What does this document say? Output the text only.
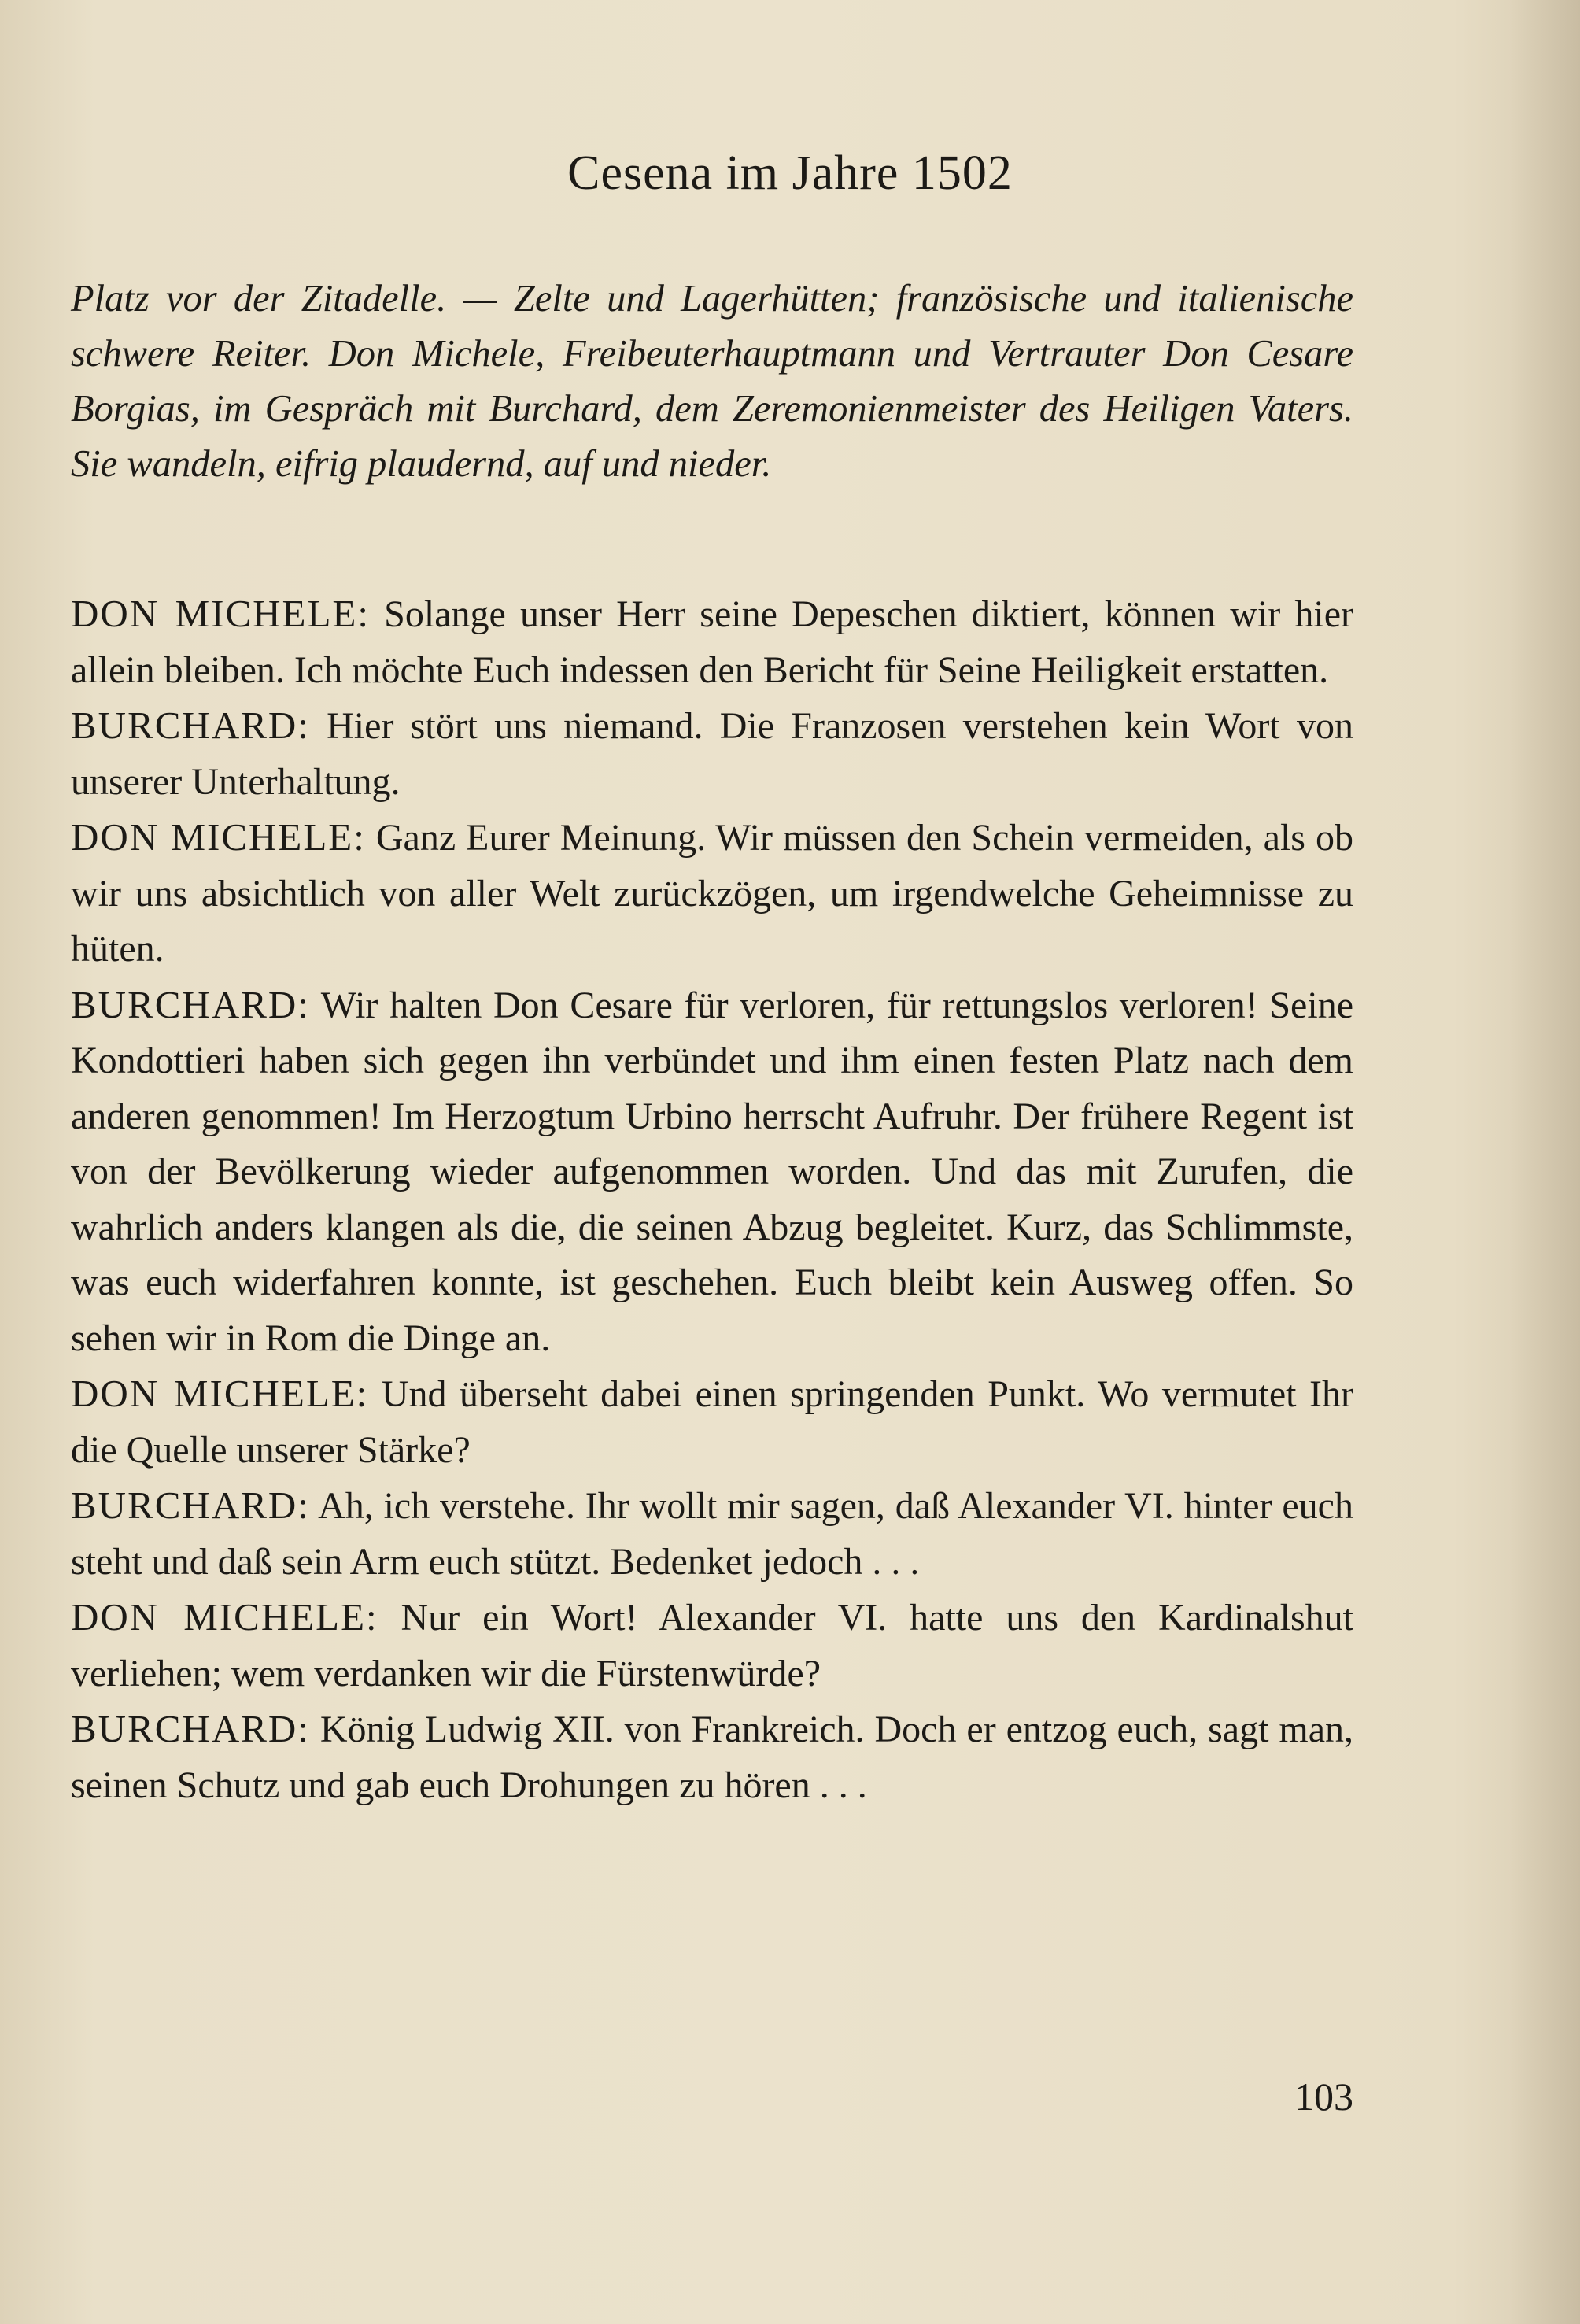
Cesena im Jahre 1502

Platz vor der Zitadelle. — Zelte und Lagerhütten; französische und italienische schwere Reiter. Don Michele, Freibeuterhauptmann und Vertrauter Don Cesare Borgias, im Gespräch mit Burchard, dem Zeremonienmeister des Heiligen Vaters. Sie wandeln, eifrig plaudernd, auf und nieder.

DON MICHELE: Solange unser Herr seine Depeschen diktiert, können wir hier allein bleiben. Ich möchte Euch indessen den Bericht für Seine Heiligkeit erstatten.

BURCHARD: Hier stört uns niemand. Die Franzosen verstehen kein Wort von unserer Unterhaltung.

DON MICHELE: Ganz Eurer Meinung. Wir müssen den Schein vermeiden, als ob wir uns absichtlich von aller Welt zurückzögen, um irgendwelche Geheimnisse zu hüten.

BURCHARD: Wir halten Don Cesare für verloren, für rettungslos verloren! Seine Kondottieri haben sich gegen ihn verbündet und ihm einen festen Platz nach dem anderen genommen! Im Herzogtum Urbino herrscht Aufruhr. Der frühere Regent ist von der Bevölkerung wieder aufgenommen worden. Und das mit Zurufen, die wahrlich anders klangen als die, die seinen Abzug begleitet. Kurz, das Schlimmste, was euch widerfahren konnte, ist geschehen. Euch bleibt kein Ausweg offen. So sehen wir in Rom die Dinge an.

DON MICHELE: Und überseht dabei einen springenden Punkt. Wo vermutet Ihr die Quelle unserer Stärke?

BURCHARD: Ah, ich verstehe. Ihr wollt mir sagen, daß Alexander VI. hinter euch steht und daß sein Arm euch stützt. Bedenket jedoch . . .

DON MICHELE: Nur ein Wort! Alexander VI. hatte uns den Kardinalshut verliehen; wem verdanken wir die Fürstenwürde?

BURCHARD: König Ludwig XII. von Frankreich. Doch er entzog euch, sagt man, seinen Schutz und gab euch Drohungen zu hören . . .

103
